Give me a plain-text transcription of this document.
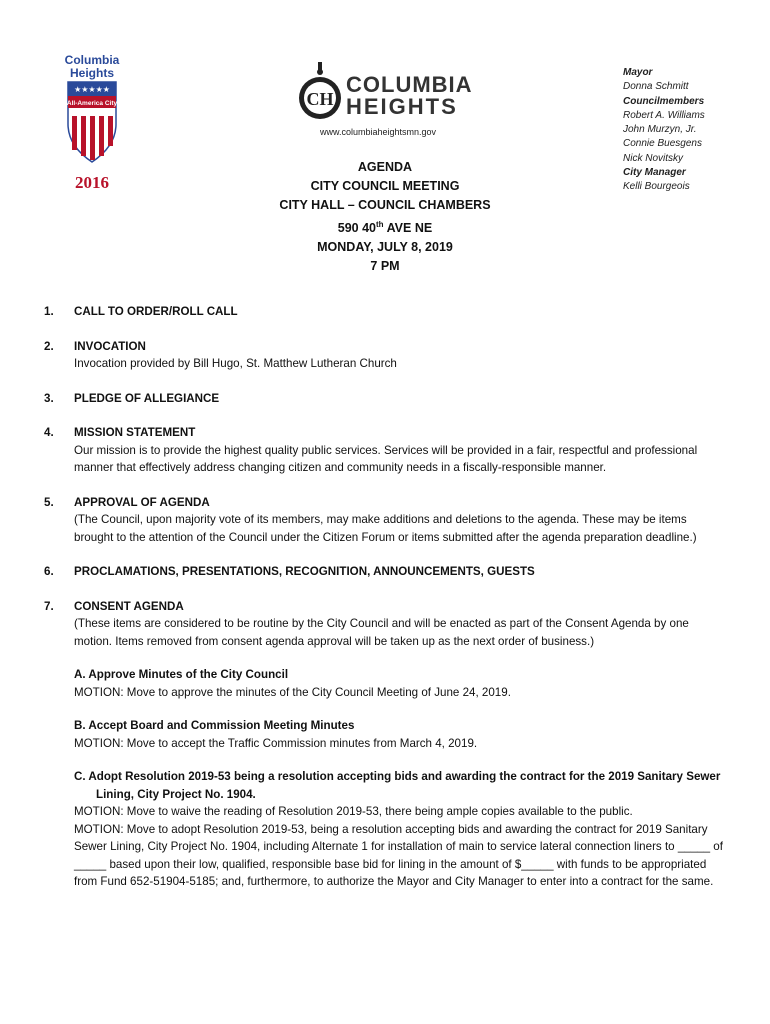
Columbia
Heights
★★★★★
All-America City
2016
CH
COLUMBIA
HEIGHTS
www.columbiaheightsmn.gov
Mayor
Donna Schmitt
Councilmembers
Robert A. Williams
John Murzyn, Jr.
Connie Buesgens
Nick Novitsky
City Manager
Kelli Bourgeois
AGENDA
CITY COUNCIL MEETING
CITY HALL – COUNCIL CHAMBERS
590 40th AVE NE
MONDAY, JULY 8, 2019
7 PM
1.	CALL TO ORDER/ROLL CALL
2.	INVOCATION
Invocation provided by Bill Hugo, St. Matthew Lutheran Church
3.	PLEDGE OF ALLEGIANCE
4.	MISSION STATEMENT
Our mission is to provide the highest quality public services. Services will be provided in a fair, respectful and professional manner that effectively address changing citizen and community needs in a fiscally-responsible manner.
5.	APPROVAL OF AGENDA
(The Council, upon majority vote of its members, may make additions and deletions to the agenda. These may be items brought to the attention of the Council under the Citizen Forum or items submitted after the agenda preparation deadline.)
6.	PROCLAMATIONS, PRESENTATIONS, RECOGNITION, ANNOUNCEMENTS, GUESTS
7.	CONSENT AGENDA
(These items are considered to be routine by the City Council and will be enacted as part of the Consent Agenda by one motion. Items removed from consent agenda approval will be taken up as the next order of business.)
A. Approve Minutes of the City Council
MOTION: Move to approve the minutes of the City Council Meeting of June 24, 2019.
B. Accept Board and Commission Meeting Minutes
MOTION: Move to accept the Traffic Commission minutes from March 4, 2019.
C. Adopt Resolution 2019-53 being a resolution accepting bids and awarding the contract for the 2019 Sanitary Sewer Lining, City Project No. 1904.
MOTION: Move to waive the reading of Resolution 2019-53, there being ample copies available to the public.
MOTION: Move to adopt Resolution 2019-53, being a resolution accepting bids and awarding the contract for 2019 Sanitary Sewer Lining, City Project No. 1904, including Alternate 1 for installation of main to service lateral connection liners to _____ of _____ based upon their low, qualified, responsible base bid for lining in the amount of $_____ with funds to be appropriated from Fund 652-51904-5185; and, furthermore, to authorize the Mayor and City Manager to enter into a contract for the same.
